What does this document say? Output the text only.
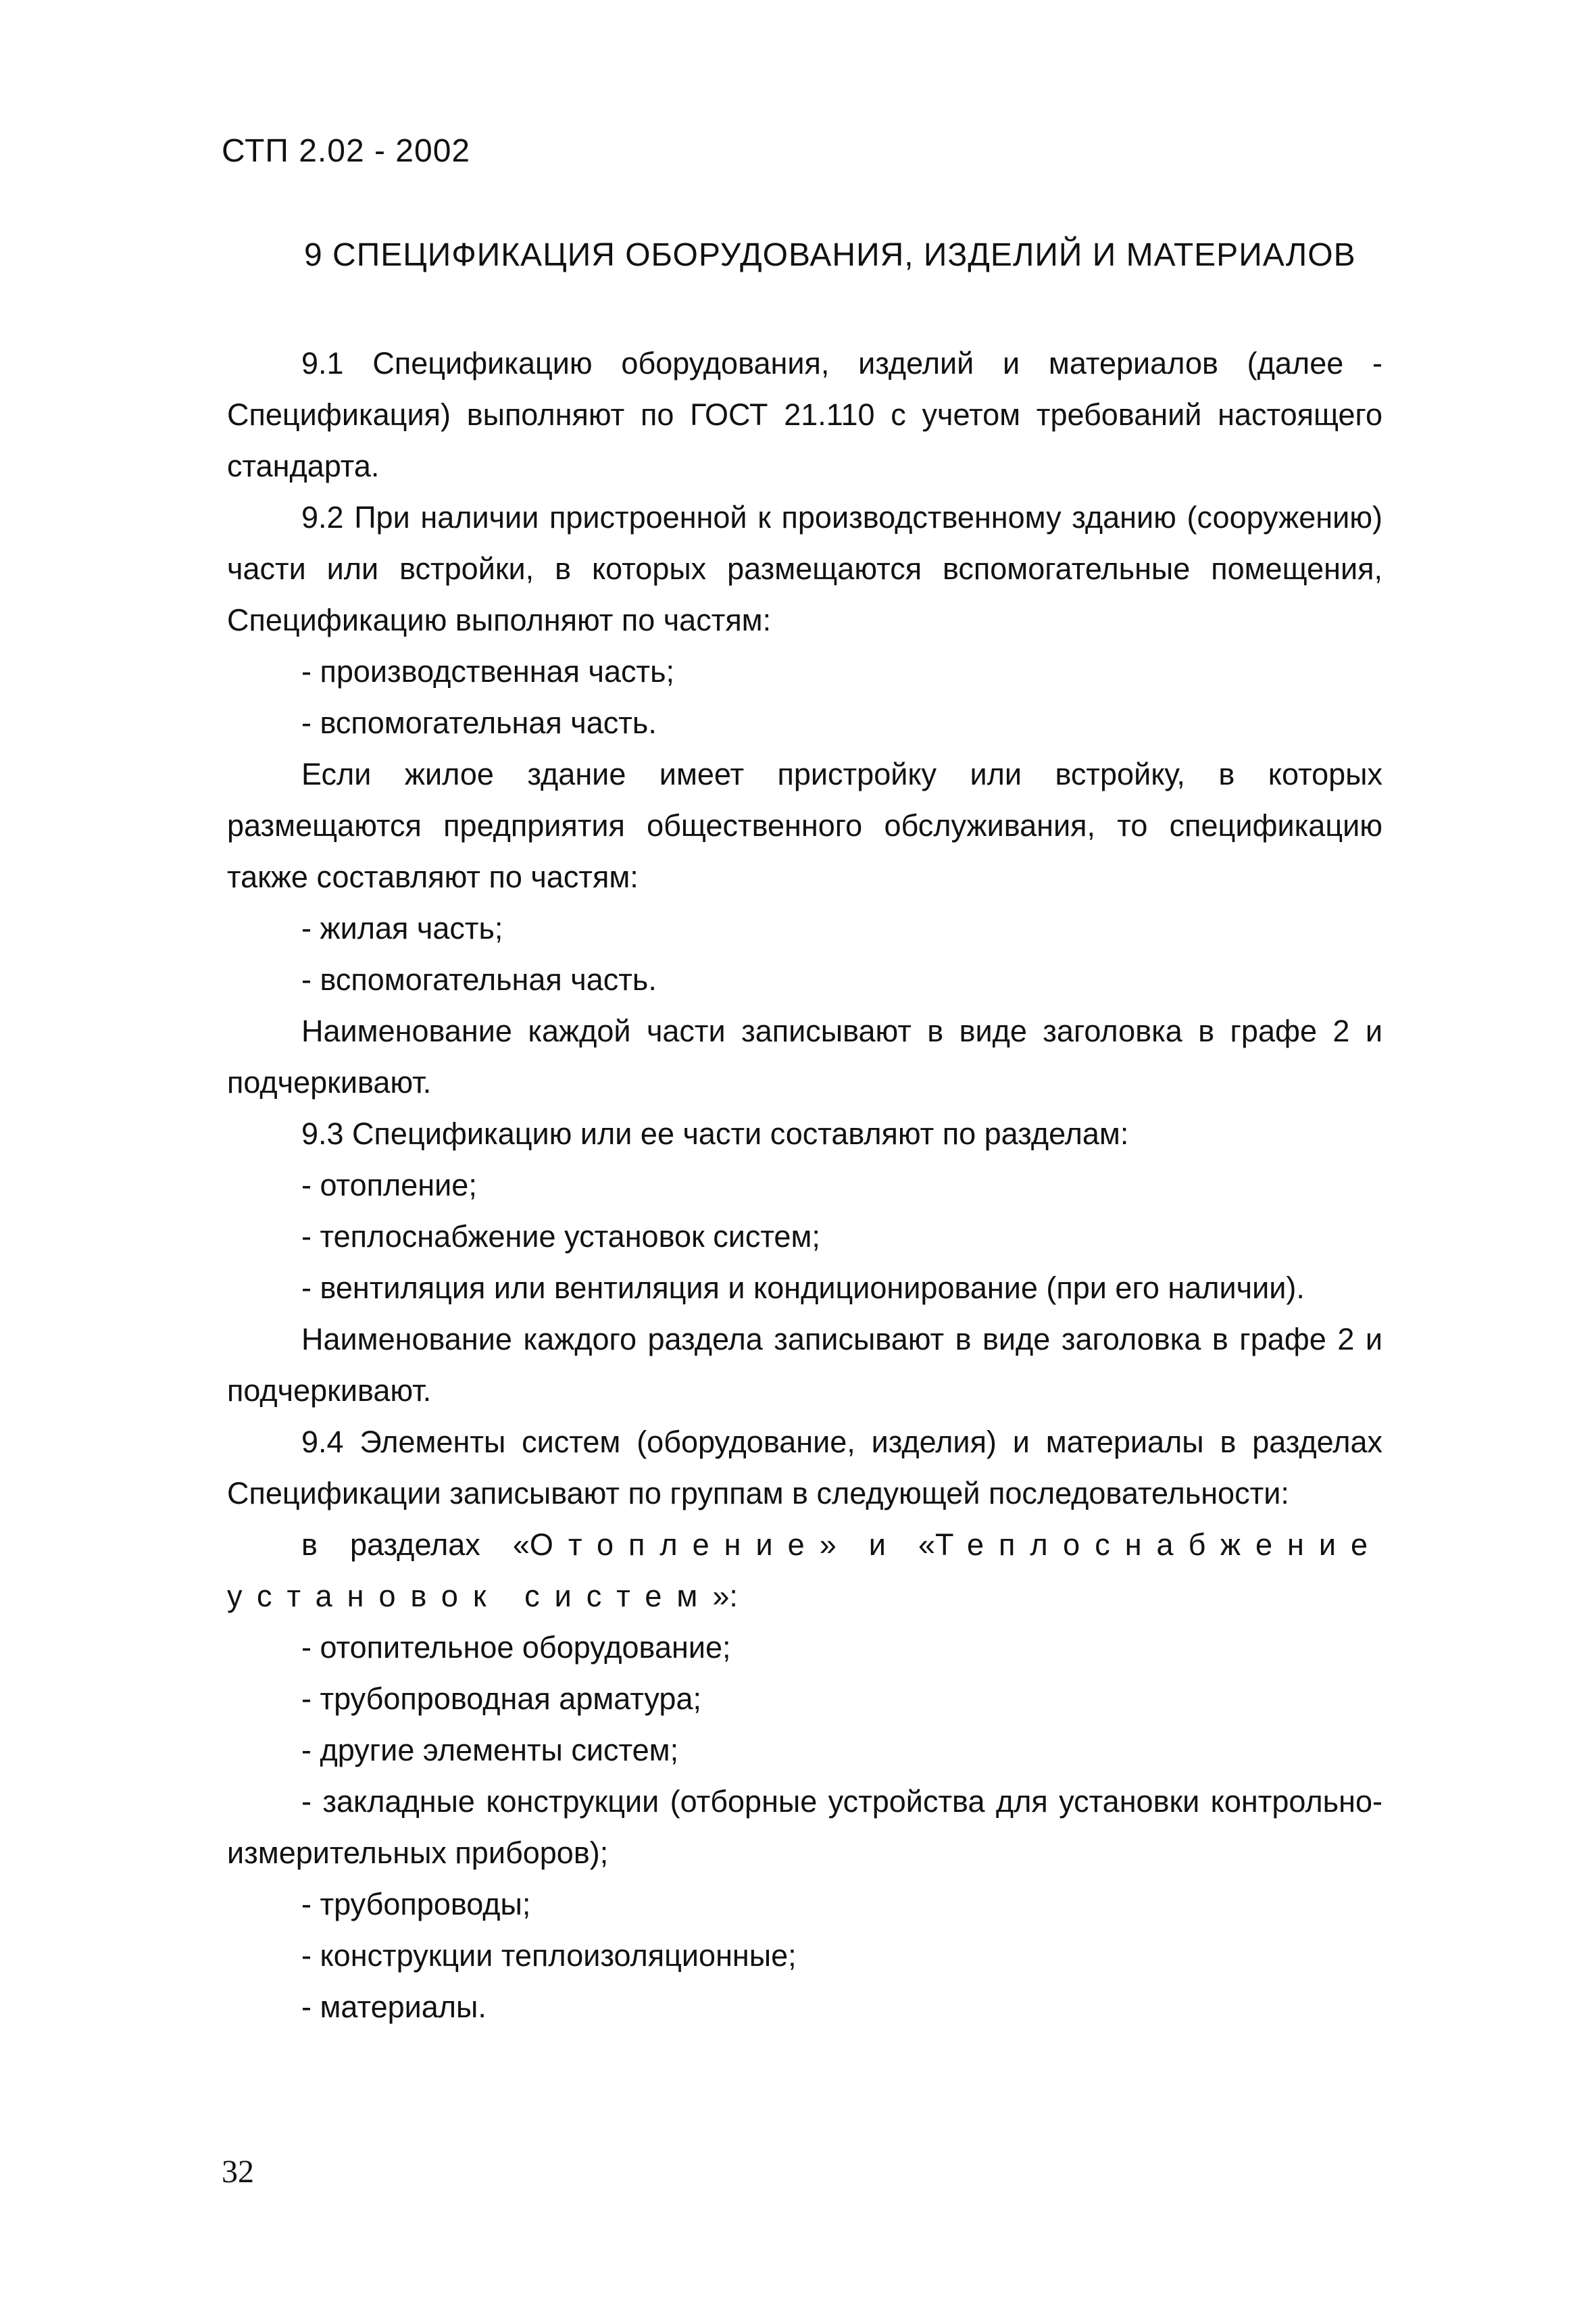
СТП 2.02 - 2002
9 СПЕЦИФИКАЦИЯ ОБОРУДОВАНИЯ, ИЗДЕЛИЙ И МАТЕРИАЛОВ

9.1 Спецификацию оборудования, изделий и материалов (далее - Спецификация) выполняют по ГОСТ 21.110 с учетом требований настоящего стандарта.

9.2 При наличии пристроенной к производственному зданию (сооружению) части или встройки, в которых размещаются вспомогательные помещения, Спецификацию выполняют по частям:

- производственная часть;

- вспомогательная часть.

Если жилое здание имеет пристройку или встройку, в которых размещаются предприятия общественного обслуживания, то спецификацию также составляют по частям:

- жилая часть;

- вспомогательная часть.

Наименование каждой части записывают в виде заголовка в графе 2 и подчеркивают.

9.3 Спецификацию или ее части составляют по разделам:

- отопление;

- теплоснабжение установок систем;

- вентиляция или вентиляция и кондиционирование (при его наличии).

Наименование каждого раздела записывают в виде заголовка в графе 2 и подчеркивают.

9.4 Элементы систем (оборудование, изделия) и материалы в разделах Спецификации записывают по группам в следующей последовательности:

в разделах «Отопление» и «Теплоснабжение установок систем»:

- отопительное оборудование;

- трубопроводная арматура;

- другие элементы систем;

- закладные конструкции (отборные устройства для установки контрольно-измерительных приборов);

- трубопроводы;

- конструкции теплоизоляционные;

- материалы.

32
